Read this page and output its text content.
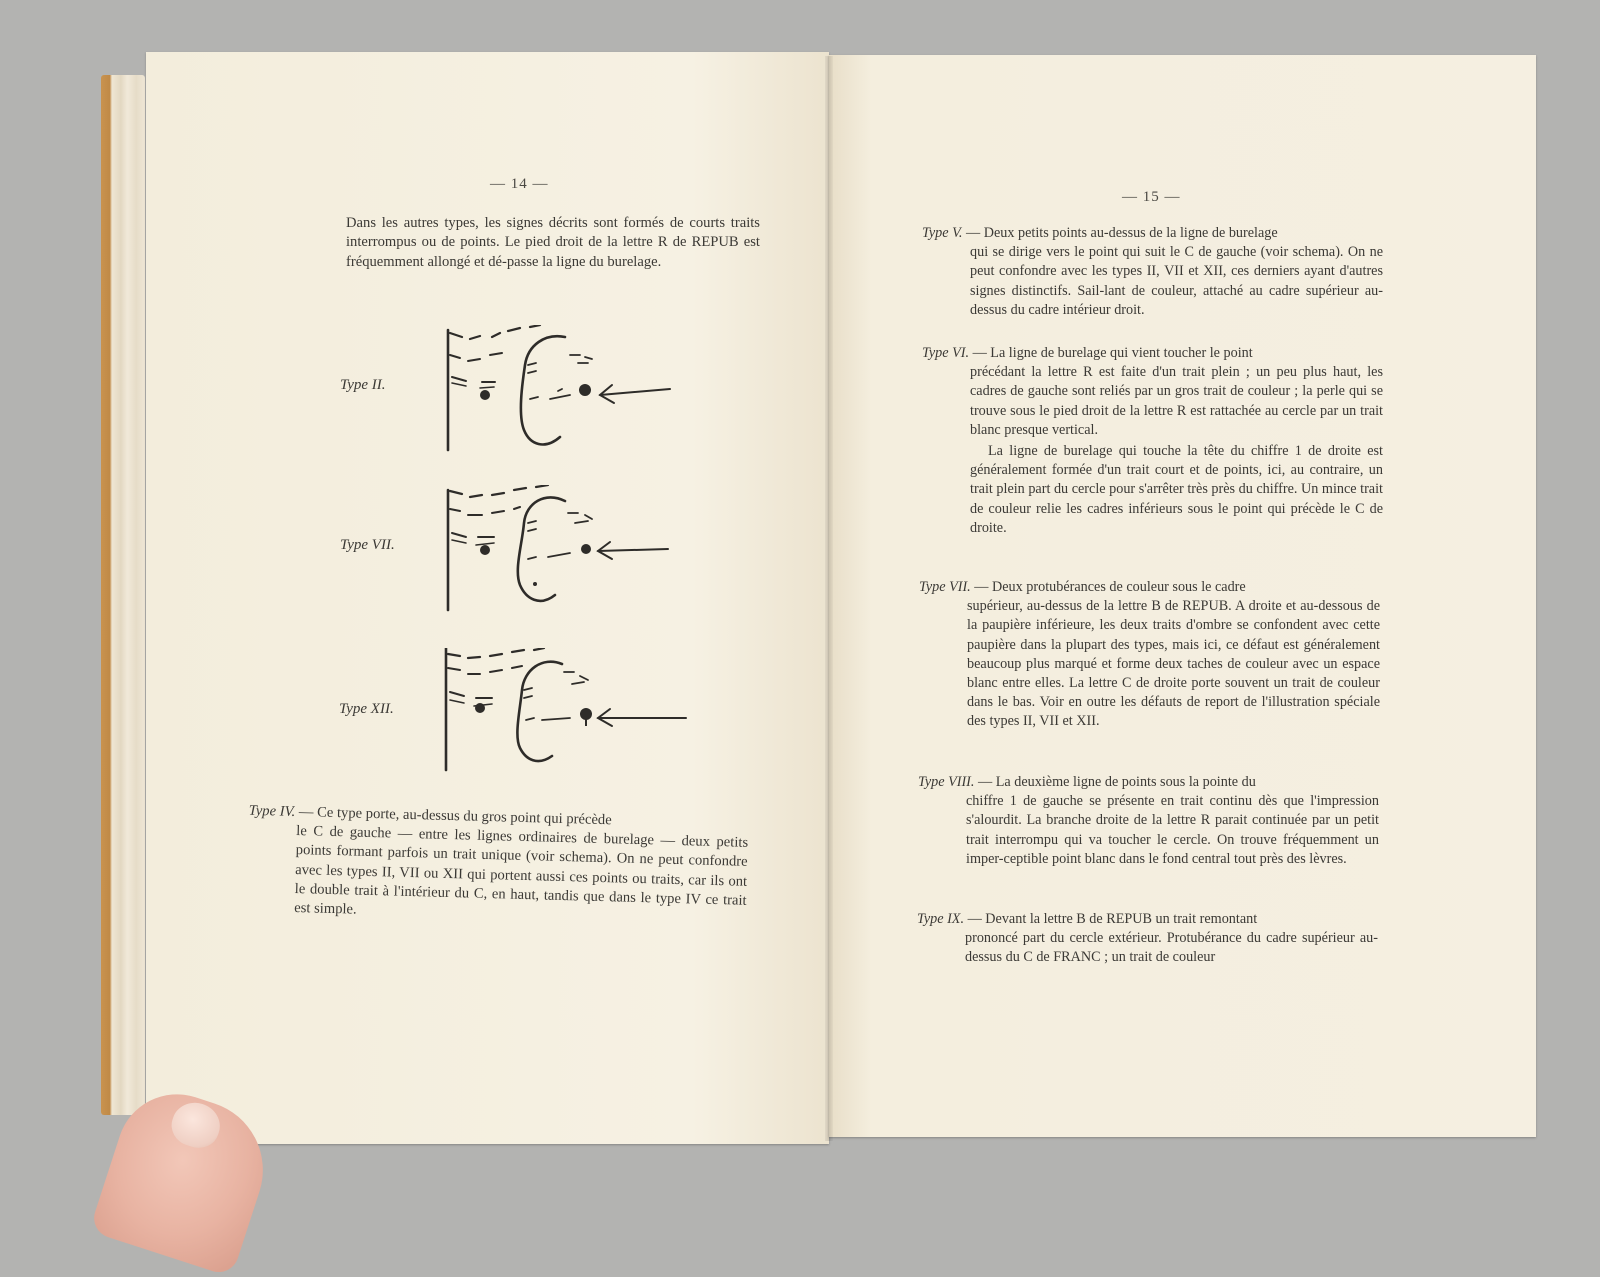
— 14 —

Dans les autres types, les signes décrits sont formés de courts traits interrompus ou de points. Le pied droit de la lettre R de REPUB est fréquemment allongé et dé-passe la ligne du burelage.

Type II.
Type VII.
Type XII.

Type IV. — Ce type porte, au-dessus du gros point qui précède

le C de gauche — entre les lignes ordinaires de burelage — deux petits points formant parfois un trait unique (voir schema). On ne peut confondre avec les types II, VII ou XII qui portent aussi ces points ou traits, car ils ont le double trait à l'intérieur du C, en haut, tandis que dans le type IV ce trait est simple.

— 15 —

Type V. — Deux petits points au-dessus de la ligne de burelage

qui se dirige vers le point qui suit le C de gauche (voir schema). On ne peut confondre avec les types II, VII et XII, ces derniers ayant d'autres signes distinctifs. Sail-lant de couleur, attaché au cadre supérieur au-dessus du cadre intérieur droit.

Type VI. — La ligne de burelage qui vient toucher le point

précédant la lettre R est faite d'un trait plein ; un peu plus haut, les cadres de gauche sont reliés par un gros trait de couleur ; la perle qui se trouve sous le pied droit de la lettre R est rattachée au cercle par un trait blanc presque vertical.

La ligne de burelage qui touche la tête du chiffre 1 de droite est généralement formée d'un trait court et de points, ici, au contraire, un trait plein part du cercle pour s'arrêter très près du chiffre. Un mince trait de couleur relie les cadres inférieurs sous le point qui précède le C de droite.

Type VII. — Deux protubérances de couleur sous le cadre

supérieur, au-dessus de la lettre B de REPUB. A droite et au-dessous de la paupière inférieure, les deux traits d'ombre se confondent avec cette paupière dans la plupart des types, mais ici, ce défaut est généralement beaucoup plus marqué et forme deux taches de couleur avec un espace blanc entre elles. La lettre C de droite porte souvent un trait de couleur dans le bas. Voir en outre les défauts de report de l'illustration spéciale des types II, VII et XII.

Type VIII. — La deuxième ligne de points sous la pointe du

chiffre 1 de gauche se présente en trait continu dès que l'impression s'alourdit. La branche droite de la lettre R parait continuée par un petit trait interrompu qui va toucher le cercle. On trouve fréquemment un imper-ceptible point blanc dans le fond central tout près des lèvres.

Type IX. — Devant la lettre B de REPUB un trait remontant

prononcé part du cercle extérieur. Protubérance du cadre supérieur au-dessus du C de FRANC ; un trait de couleur
